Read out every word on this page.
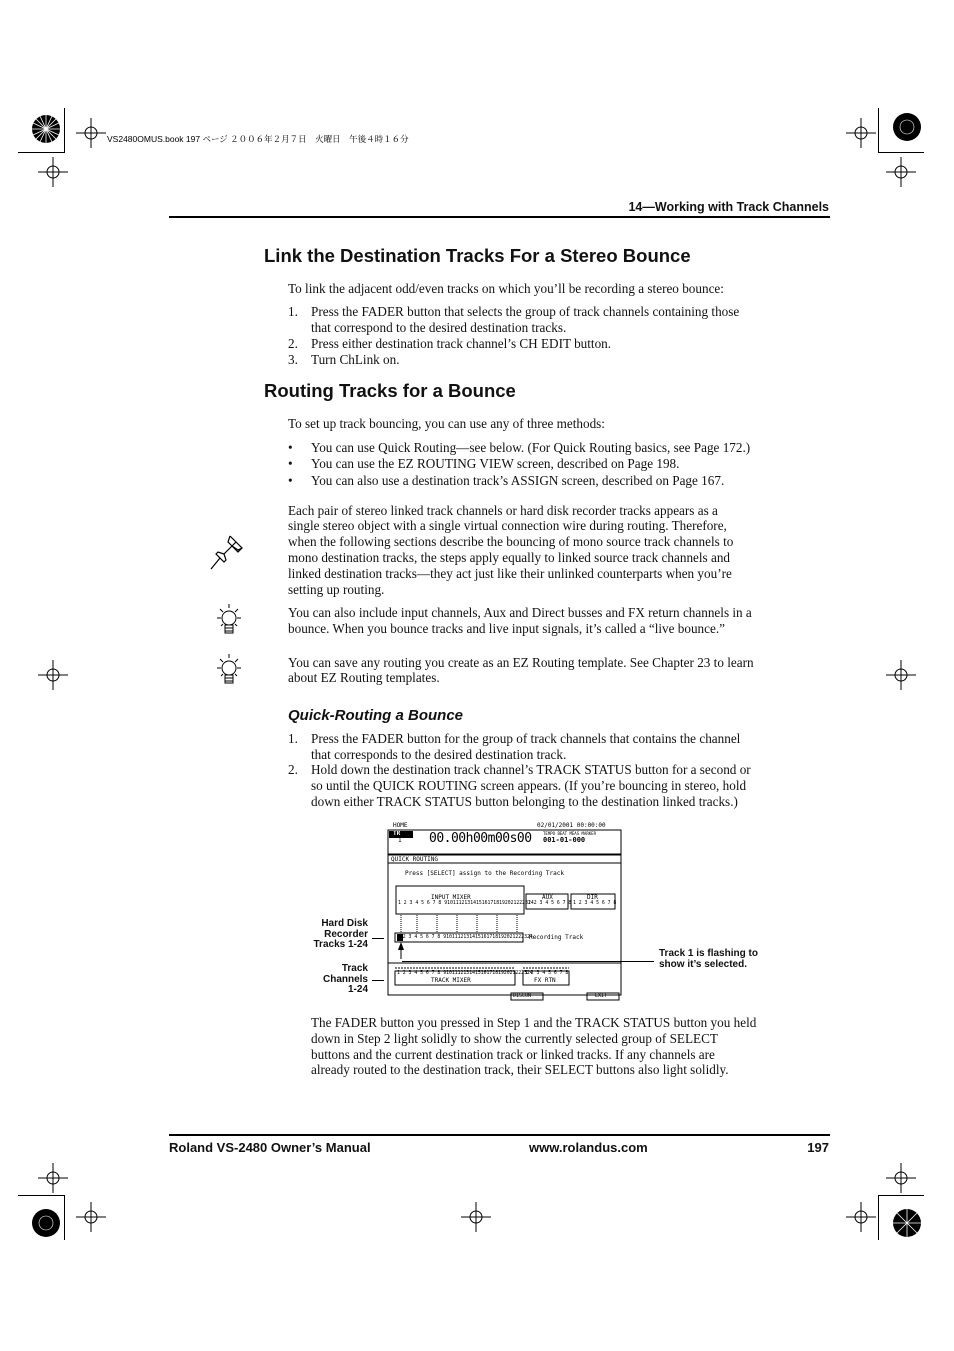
VS2480OMUS.book 197 ページ ２００６年２月７日　火曜日　午後４時１６分
14—Working with Track Channels
Link the Destination Tracks For a Stereo Bounce
To link the adjacent odd/even tracks on which you’ll be recording a stereo bounce:
1. Press the FADER button that selects the group of track channels containing those
that correspond to the desired destination tracks.
2. Press either destination track channel’s CH EDIT button.
3. Turn ChLink on.
Routing Tracks for a Bounce
To set up track bouncing, you can use any of three methods:
• You can use Quick Routing—see below. (For Quick Routing basics, see Page 172.)
• You can use the EZ ROUTING VIEW screen, described on Page 198.
• You can also use a destination track’s ASSIGN screen, described on Page 167.
Each pair of stereo linked track channels or hard disk recorder tracks appears as a
single stereo object with a single virtual connection wire during routing. Therefore,
when the following sections describe the bouncing of mono source track channels to
mono destination tracks, the steps apply equally to linked source track channels and
linked destination tracks—they act just like their unlinked counterparts when you’re
setting up routing.
You can also include input channels, Aux and Direct busses and FX return channels in a
bounce. When you bounce tracks and live input signals, it’s called a “live bounce.”
You can save any routing you create as an EZ Routing template. See Chapter 23 to learn
about EZ Routing templates.
Quick-Routing a Bounce
1. Press the FADER button for the group of track channels that contains the channel
that corresponds to the desired destination track.
2. Hold down the destination track channel’s TRACK STATUS button for a second or
so until the QUICK ROUTING screen appears. (If you’re bouncing in stereo, hold
down either TRACK STATUS button belonging to the destination linked tracks.)
HOME	02/01/2001 00:00:00
TR
1 00.00h00m00s00	TEMPO BEAT MEAS MARKER
001-01-000
QUICK ROUTING
Press [SELECT] assign to the Recording Track
INPUT MIXER
1 2 3 4 5 6 7 8 9101112131415161718192021222324
AUX
1 2 3 4 5 6 7 8
DIR
1 2 3 4 5 6 7 8
1 2 3 4 5 6 7 8 9101112131415161718192021222324
Recording Track
1 2 3 4 5 6 7 8 9101112131415161718192021222324
TRACK MIXER
1 2 3 4 5 6 7 8
FX RTN
DISCON	EXIT
Hard Disk
Recorder
Tracks 1-24
Track
Channels
1-24
Track 1 is flashing to
show it’s selected.
The FADER button you pressed in Step 1 and the TRACK STATUS button you held
down in Step 2 light solidly to show the currently selected group of SELECT
buttons and the current destination track or linked tracks. If any channels are
already routed to the destination track, their SELECT buttons also light solidly.
Roland VS-2480 Owner’s Manual	www.rolandus.com	197
